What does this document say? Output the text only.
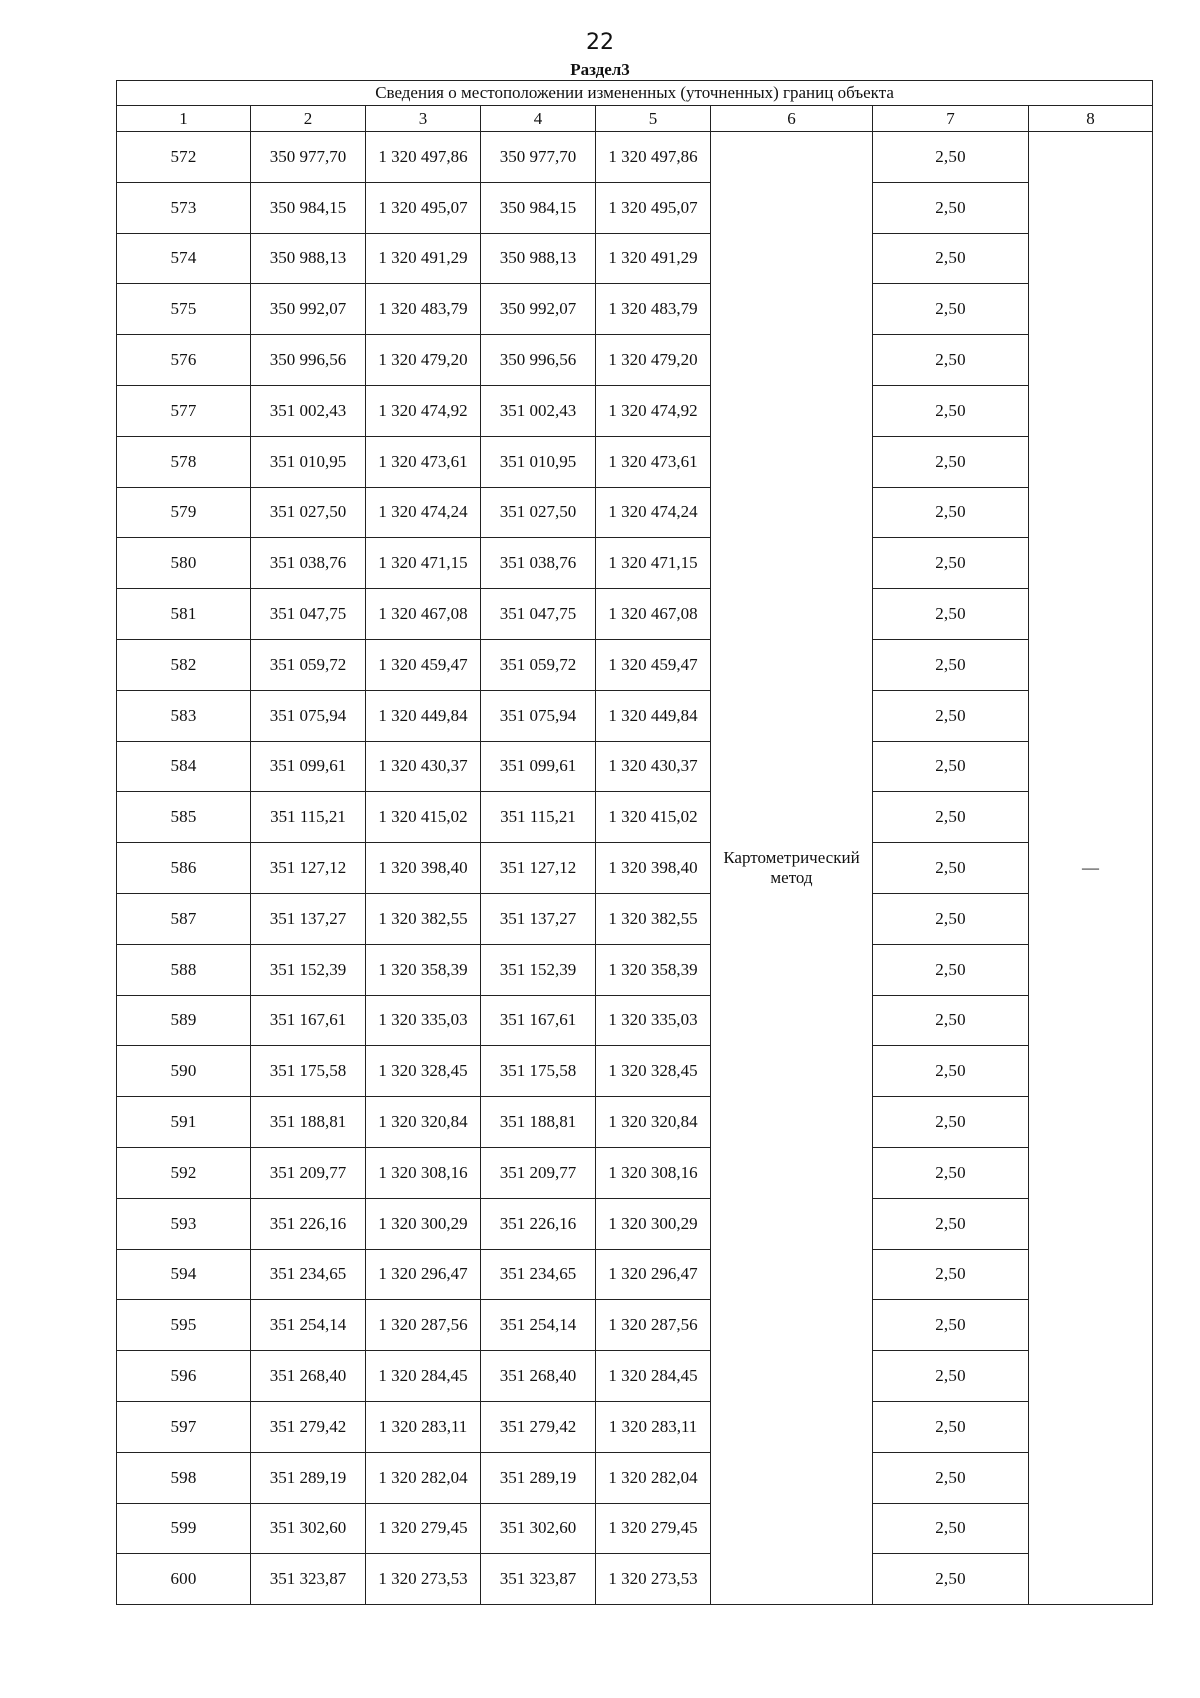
22
Раздел3
Сведения о местоположении измененных (уточненных) границ объекта							
1	2	3	4	5	6	7	8
572	350 977,70	1 320 497,86	350 977,70	1 320 497,86	Картометрический метод	2,50	—
573	350 984,15	1 320 495,07	350 984,15	1 320 495,07		2,50	
574	350 988,13	1 320 491,29	350 988,13	1 320 491,29		2,50	
575	350 992,07	1 320 483,79	350 992,07	1 320 483,79		2,50	
576	350 996,56	1 320 479,20	350 996,56	1 320 479,20		2,50	
577	351 002,43	1 320 474,92	351 002,43	1 320 474,92		2,50	
578	351 010,95	1 320 473,61	351 010,95	1 320 473,61		2,50	
579	351 027,50	1 320 474,24	351 027,50	1 320 474,24		2,50	
580	351 038,76	1 320 471,15	351 038,76	1 320 471,15		2,50	
581	351 047,75	1 320 467,08	351 047,75	1 320 467,08		2,50	
582	351 059,72	1 320 459,47	351 059,72	1 320 459,47		2,50	
583	351 075,94	1 320 449,84	351 075,94	1 320 449,84		2,50	
584	351 099,61	1 320 430,37	351 099,61	1 320 430,37		2,50	
585	351 115,21	1 320 415,02	351 115,21	1 320 415,02		2,50	
586	351 127,12	1 320 398,40	351 127,12	1 320 398,40		2,50	
587	351 137,27	1 320 382,55	351 137,27	1 320 382,55		2,50	
588	351 152,39	1 320 358,39	351 152,39	1 320 358,39		2,50	
589	351 167,61	1 320 335,03	351 167,61	1 320 335,03		2,50	
590	351 175,58	1 320 328,45	351 175,58	1 320 328,45		2,50	
591	351 188,81	1 320 320,84	351 188,81	1 320 320,84		2,50	
592	351 209,77	1 320 308,16	351 209,77	1 320 308,16		2,50	
593	351 226,16	1 320 300,29	351 226,16	1 320 300,29		2,50	
594	351 234,65	1 320 296,47	351 234,65	1 320 296,47		2,50	
595	351 254,14	1 320 287,56	351 254,14	1 320 287,56		2,50	
596	351 268,40	1 320 284,45	351 268,40	1 320 284,45		2,50	
597	351 279,42	1 320 283,11	351 279,42	1 320 283,11		2,50	
598	351 289,19	1 320 282,04	351 289,19	1 320 282,04		2,50	
599	351 302,60	1 320 279,45	351 302,60	1 320 279,45		2,50	
600	351 323,87	1 320 273,53	351 323,87	1 320 273,53		2,50	
